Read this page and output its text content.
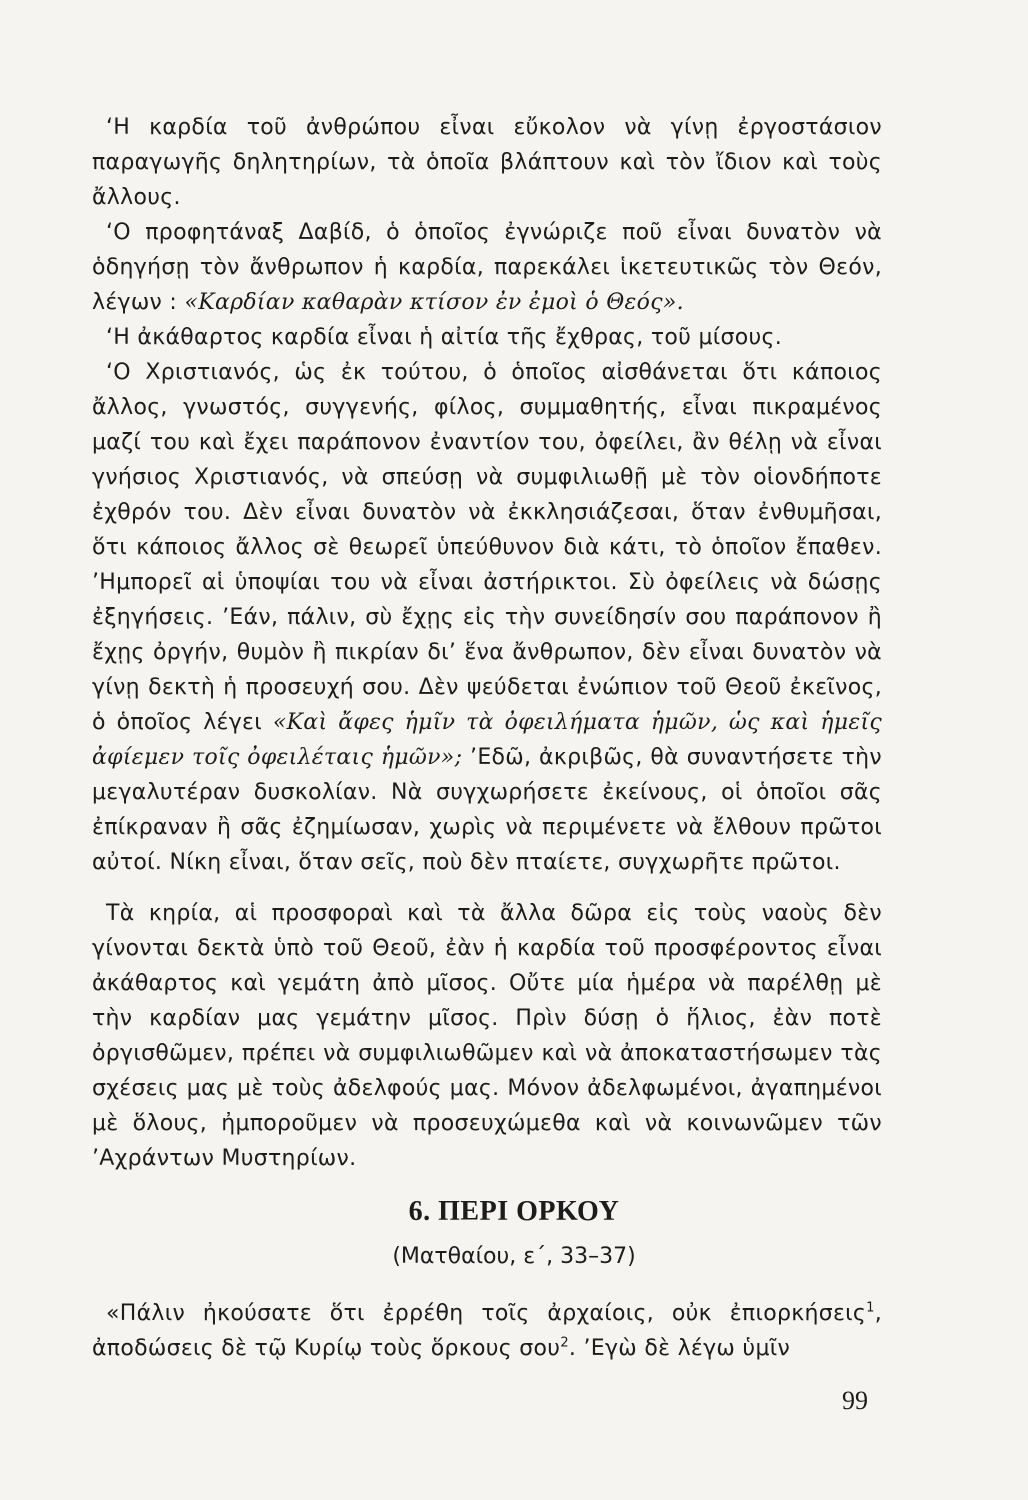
‘Η καρδία τοῦ ἀνθρώπου εἶναι εὔκολον νὰ γίνῃ ἐργοστάσιον παραγωγῆς δηλητηρίων, τὰ ὁποῖα βλάπτουν καὶ τὸν ἴδιον καὶ τοὺς ἄλλους.

‘Ο προφητάναξ Δαβίδ, ὁ ὁποῖος ἐγνώριζε ποῦ εἶναι δυνατὸν νὰ ὁδηγήσῃ τὸν ἄνθρωπον ἡ καρδία, παρεκάλει ἱκετευτικῶς τὸν Θεόν, λέγων : «Καρδίαν καθαρὰν κτίσον ἐν ἐμοὶ ὁ Θεός».

‘Η ἀκάθαρτος καρδία εἶναι ἡ αἰτία τῆς ἔχθρας, τοῦ μίσους.

‘Ο Χριστιανός, ὡς ἐκ τούτου, ὁ ὁποῖος αἰσθάνεται ὅτι κάποιος ἄλλος, γνωστός, συγγενής, φίλος, συμμαθητής, εἶναι πικραμένος μαζί του καὶ ἔχει παράπονον ἐναντίον του, ὀφείλει, ἂν θέλῃ νὰ εἶναι γνήσιος Χριστιανός, νὰ σπεύσῃ νὰ συμφιλιωθῇ μὲ τὸν οἱονδήποτε ἐχθρόν του. Δὲν εἶναι δυνατὸν νὰ ἐκκλησιάζεσαι, ὅταν ἐνθυμῆσαι, ὅτι κάποιος ἄλλος σὲ θεωρεῖ ὑπεύθυνον διὰ κάτι, τὸ ὁποῖον ἔπαθεν. ’Ημπορεῖ αἱ ὑποψίαι του νὰ εἶναι ἀστήρικτοι. Σὺ ὀφείλεις νὰ δώσῃς ἐξηγήσεις. ’Εάν, πάλιν, σὺ ἔχῃς εἰς τὴν συνείδησίν σου παράπονον ἢ ἔχῃς ὀργήν, θυμὸν ἢ πικρίαν δι’ ἕνα ἄνθρωπον, δὲν εἶναι δυνατὸν νὰ γίνῃ δεκτὴ ἡ προσευχή σου. Δὲν ψεύδεται ἐνώπιον τοῦ Θεοῦ ἐκεῖνος, ὁ ὁποῖος λέγει «Καὶ ἄφες ἡμῖν τὰ ὀφειλήματα ἡμῶν, ὡς καὶ ἡμεῖς ἀφίεμεν τοῖς ὀφειλέταις ἡμῶν»; ’Εδῶ, ἀκριβῶς, θὰ συναντήσετε τὴν μεγαλυτέραν δυσκολίαν. Νὰ συγχωρήσετε ἐκείνους, οἱ ὁποῖοι σᾶς ἐπίκραναν ἢ σᾶς ἐζημίωσαν, χωρὶς νὰ περιμένετε νὰ ἔλθουν πρῶτοι αὐτοί. Νίκη εἶναι, ὅταν σεῖς, ποὺ δὲν πταίετε, συγχωρῆτε πρῶτοι.

Τὰ κηρία, αἱ προσφοραὶ καὶ τὰ ἄλλα δῶρα εἰς τοὺς ναοὺς δὲν γίνονται δεκτὰ ὑπὸ τοῦ Θεοῦ, ἐὰν ἡ καρδία τοῦ προσφέροντος εἶναι ἀκάθαρτος καὶ γεμάτη ἀπὸ μῖσος. Οὔτε μία ἡμέρα νὰ παρέλθῃ μὲ τὴν καρδίαν μας γεμάτην μῖσος. Πρὶν δύσῃ ὁ ἥλιος, ἐὰν ποτὲ ὀργισθῶμεν, πρέπει νὰ συμφιλιωθῶμεν καὶ νὰ ἀποκαταστήσωμεν τὰς σχέσεις μας μὲ τοὺς ἀδελφούς μας. Μόνον ἀδελφωμένοι, ἀγαπημένοι μὲ ὅλους, ἠμποροῦμεν νὰ προσευχώμεθα καὶ νὰ κοινωνῶμεν τῶν ’Αχράντων Μυστηρίων.

6. ΠΕΡΙ ΟΡΚΟΥ
(Ματθαίου, ε΄, 33–37)

«Πάλιν ἠκούσατε ὅτι ἐρρέθη τοῖς ἀρχαίοις, οὐκ ἐπιορκήσεις$^1$, ἀποδώσεις δὲ τῷ Κυρίῳ τοὺς ὅρκους σου$^2$. ’Εγὼ δὲ λέγω ὑμῖν

99
